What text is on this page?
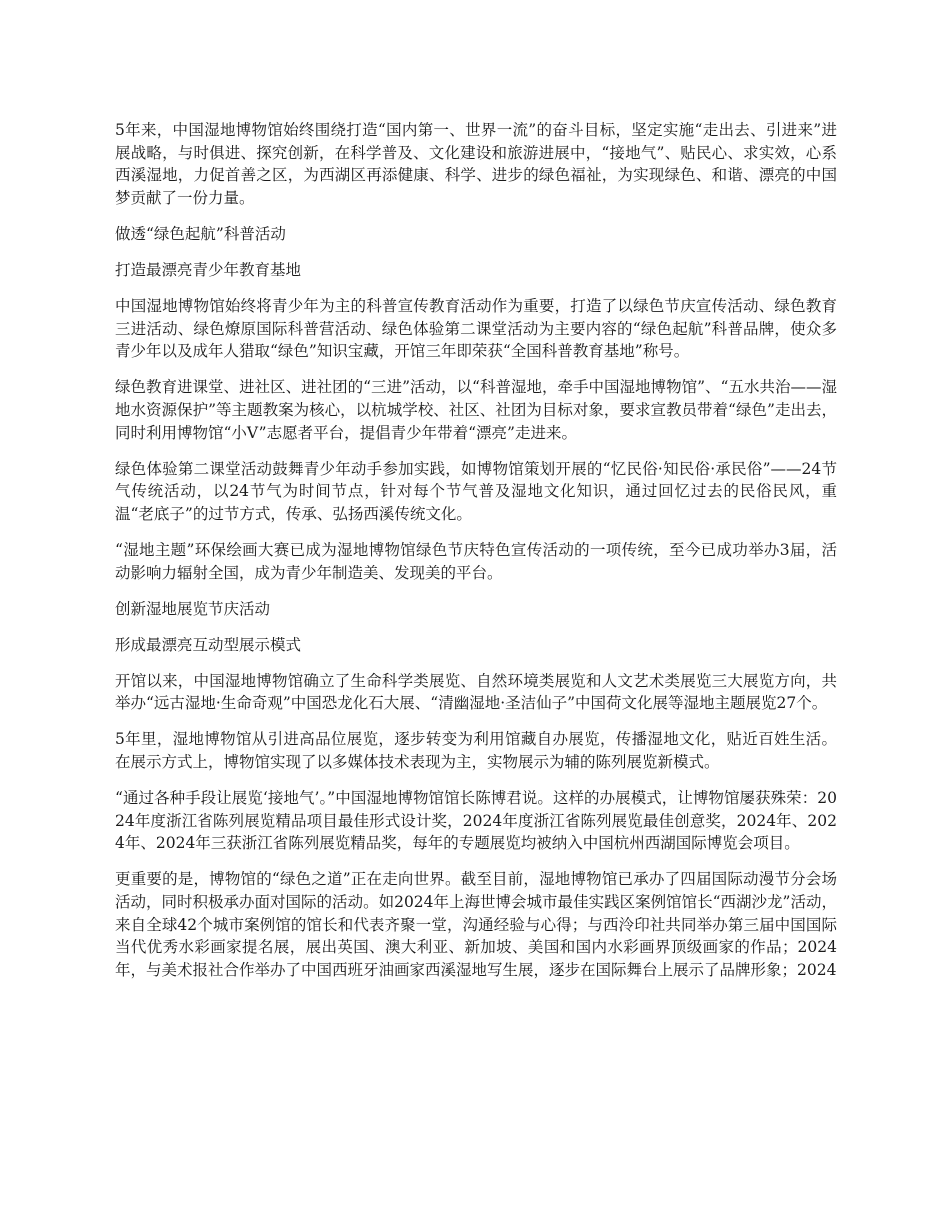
5年来，中国湿地博物馆始终围绕打造“国内第一、世界一流”的奋斗目标，坚定实施“走出去、引进来”进展战略，与时俱进、探究创新，在科学普及、文化建设和旅游进展中，“接地气”、贴民心、求实效，心系西溪湿地，力促首善之区，为西湖区再添健康、科学、进步的绿色福祉，为实现绿色、和谐、漂亮的中国梦贡献了一份力量。

做透“绿色起航”科普活动

打造最漂亮青少年教育基地

中国湿地博物馆始终将青少年为主的科普宣传教育活动作为重要，打造了以绿色节庆宣传活动、绿色教育三进活动、绿色燎原国际科普营活动、绿色体验第二课堂活动为主要内容的“绿色起航”科普品牌，使众多青少年以及成年人猎取“绿色”知识宝藏，开馆三年即荣获“全国科普教育基地”称号。

绿色教育进课堂、进社区、进社团的“三进”活动，以“科普湿地，牵手中国湿地博物馆”、“五水共治——湿地水资源保护”等主题教案为核心，以杭城学校、社区、社团为目标对象，要求宣教员带着“绿色”走出去，同时利用博物馆“小V”志愿者平台，提倡青少年带着“漂亮”走进来。

绿色体验第二课堂活动鼓舞青少年动手参加实践，如博物馆策划开展的“忆民俗·知民俗·承民俗”——24节气传统活动，以24节气为时间节点，针对每个节气普及湿地文化知识，通过回忆过去的民俗民风，重温“老底子”的过节方式，传承、弘扬西溪传统文化。

“湿地主题”环保绘画大赛已成为湿地博物馆绿色节庆特色宣传活动的一项传统，至今已成功举办3届，活动影响力辐射全国，成为青少年制造美、发现美的平台。

创新湿地展览节庆活动

形成最漂亮互动型展示模式

开馆以来，中国湿地博物馆确立了生命科学类展览、自然环境类展览和人文艺术类展览三大展览方向，共举办“远古湿地·生命奇观”中国恐龙化石大展、“清幽湿地·圣洁仙子”中国荷文化展等湿地主题展览27个。

5年里，湿地博物馆从引进高品位展览，逐步转变为利用馆藏自办展览，传播湿地文化，贴近百姓生活。在展示方式上，博物馆实现了以多媒体技术表现为主，实物展示为辅的陈列展览新模式。

“通过各种手段让展览‘接地气’。”中国湿地博物馆馆长陈博君说。这样的办展模式，让博物馆屡获殊荣：2024年度浙江省陈列展览精品项目最佳形式设计奖，2024年度浙江省陈列展览最佳创意奖，2024年、2024年、2024年三获浙江省陈列展览精品奖，每年的专题展览均被纳入中国杭州西湖国际博览会项目。

更重要的是，博物馆的“绿色之道”正在走向世界。截至目前，湿地博物馆已承办了四届国际动漫节分会场活动，同时积极承办面对国际的活动。如2024年上海世博会城市最佳实践区案例馆馆长“西湖沙龙”活动，来自全球42个城市案例馆的馆长和代表齐聚一堂，沟通经验与心得；与西泠印社共同举办第三届中国国际当代优秀水彩画家提名展，展出英国、澳大利亚、新加坡、美国和国内水彩画界顶级画家的作品；2024年，与美术报社合作举办了中国西班牙油画家西溪湿地写生展，逐步在国际舞台上展示了品牌形象；2024
